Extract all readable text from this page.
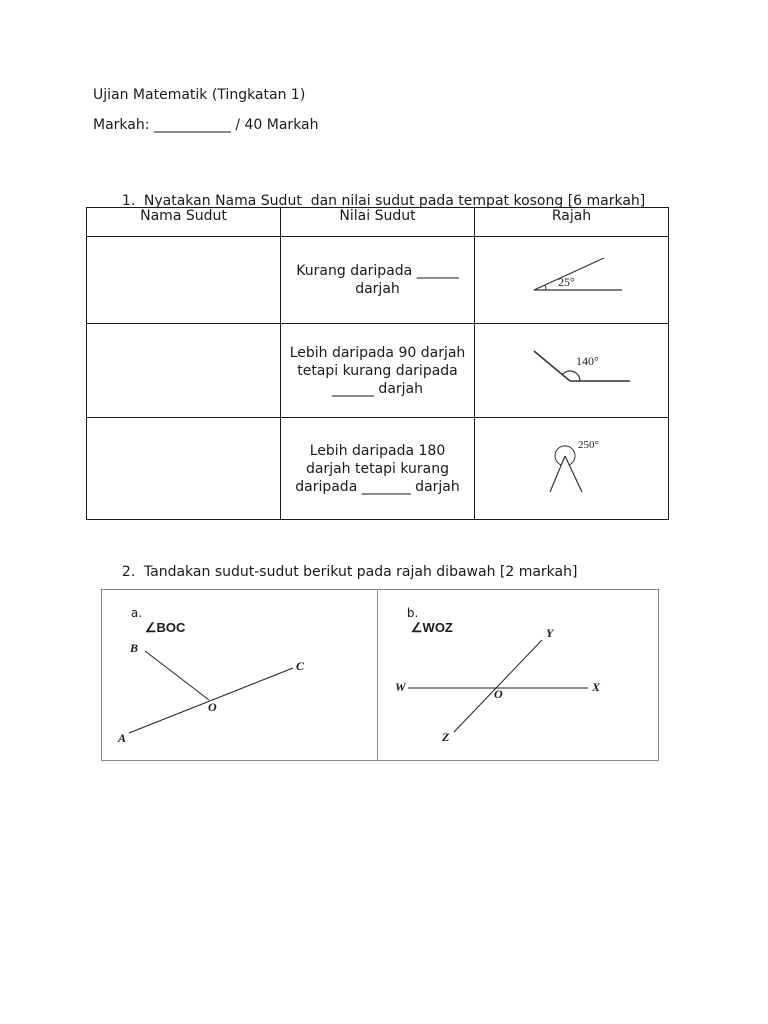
Ujian Matematik (Tingkatan 1)
Markah: ___________ / 40 Markah

1. Nyatakan Nama Sudut  dan nilai sudut pada tempat kosong [6 markah]

Nama Sudut	Nilai Sudut	Rajah

	Kurang daripada ______ darjah	25°

	Lebih daripada 90 darjah tetapi kurang daripada ______ darjah	140°

	Lebih daripada 180 darjah tetapi kurang daripada _______ darjah	250°

2. Tandakan sudut-sudut berikut pada rajah dibawah [2 markah]

a.
∠BOC

B
C
O
A

b.
∠WOZ
	Y
W	X
O
Z
